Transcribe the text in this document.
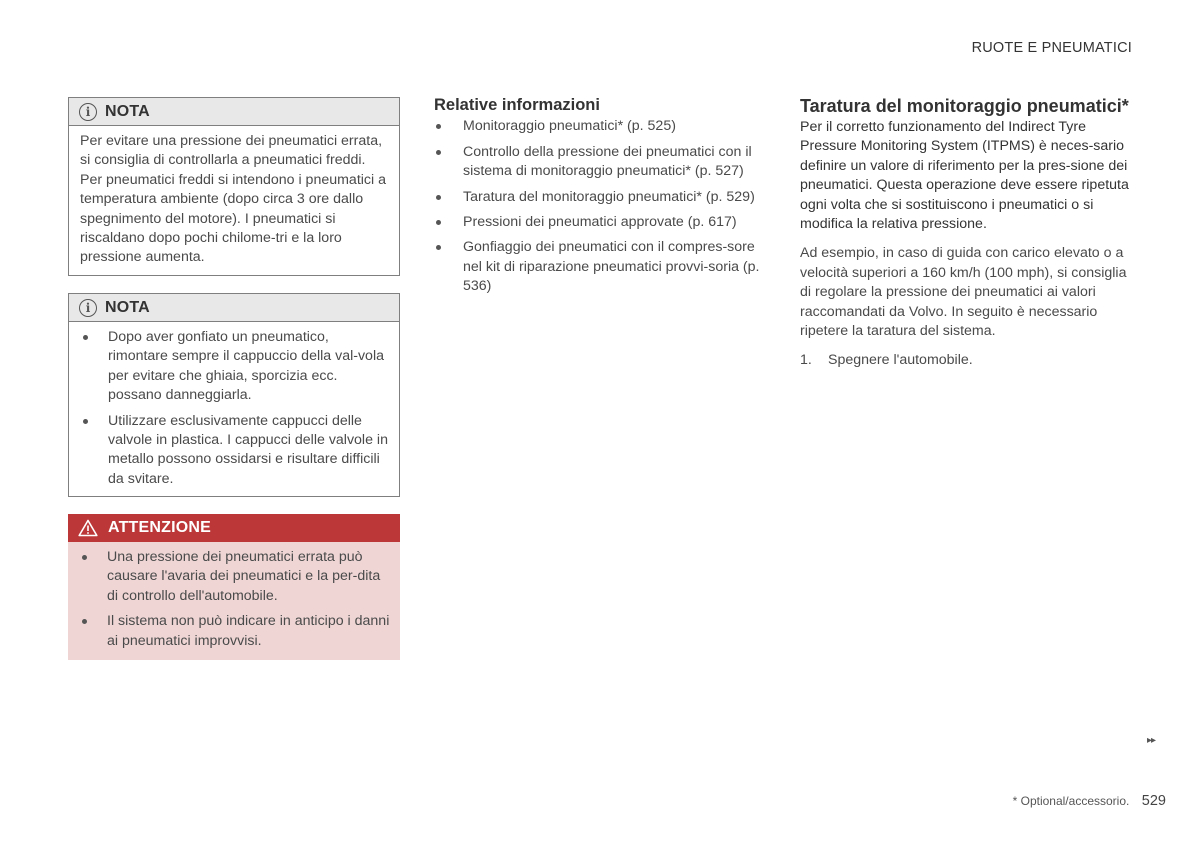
RUOTE E PNEUMATICI
i NOTA
Per evitare una pressione dei pneumatici errata, si consiglia di controllarla a pneumatici freddi. Per pneumatici freddi si intendono i pneumatici a temperatura ambiente (dopo circa 3 ore dallo spegnimento del motore). I pneumatici si riscaldano dopo pochi chilome-tri e la loro pressione aumenta.
i NOTA
Dopo aver gonfiato un pneumatico, rimontare sempre il cappuccio della val-vola per evitare che ghiaia, sporcizia ecc. possano danneggiarla.
Utilizzare esclusivamente cappucci delle valvole in plastica. I cappucci delle valvole in metallo possono ossidarsi e risultare difficili da svitare.
ATTENZIONE
Una pressione dei pneumatici errata può causare l'avaria dei pneumatici e la per-dita di controllo dell'automobile.
Il sistema non può indicare in anticipo i danni ai pneumatici improvvisi.
Relative informazioni
Monitoraggio pneumatici* (p. 525)
Controllo della pressione dei pneumatici con il sistema di monitoraggio pneumatici* (p. 527)
Taratura del monitoraggio pneumatici* (p. 529)
Pressioni dei pneumatici approvate (p. 617)
Gonfiaggio dei pneumatici con il compres-sore nel kit di riparazione pneumatici provvi-soria (p. 536)
Taratura del monitoraggio pneumatici*

Per il corretto funzionamento del Indirect Tyre Pressure Monitoring System (ITPMS) è neces-sario definire un valore di riferimento per la pres-sione dei pneumatici. Questa operazione deve essere ripetuta ogni volta che si sostituiscono i pneumatici o si modifica la relativa pressione.

Ad esempio, in caso di guida con carico elevato o a velocità superiori a 160 km/h (100 mph), si consiglia di regolare la pressione dei pneumatici ai valori raccomandati da Volvo. In seguito è necessario ripetere la taratura del sistema.

1.	Spegnere l'automobile.
▸▸
* Optional/accessorio. 529
